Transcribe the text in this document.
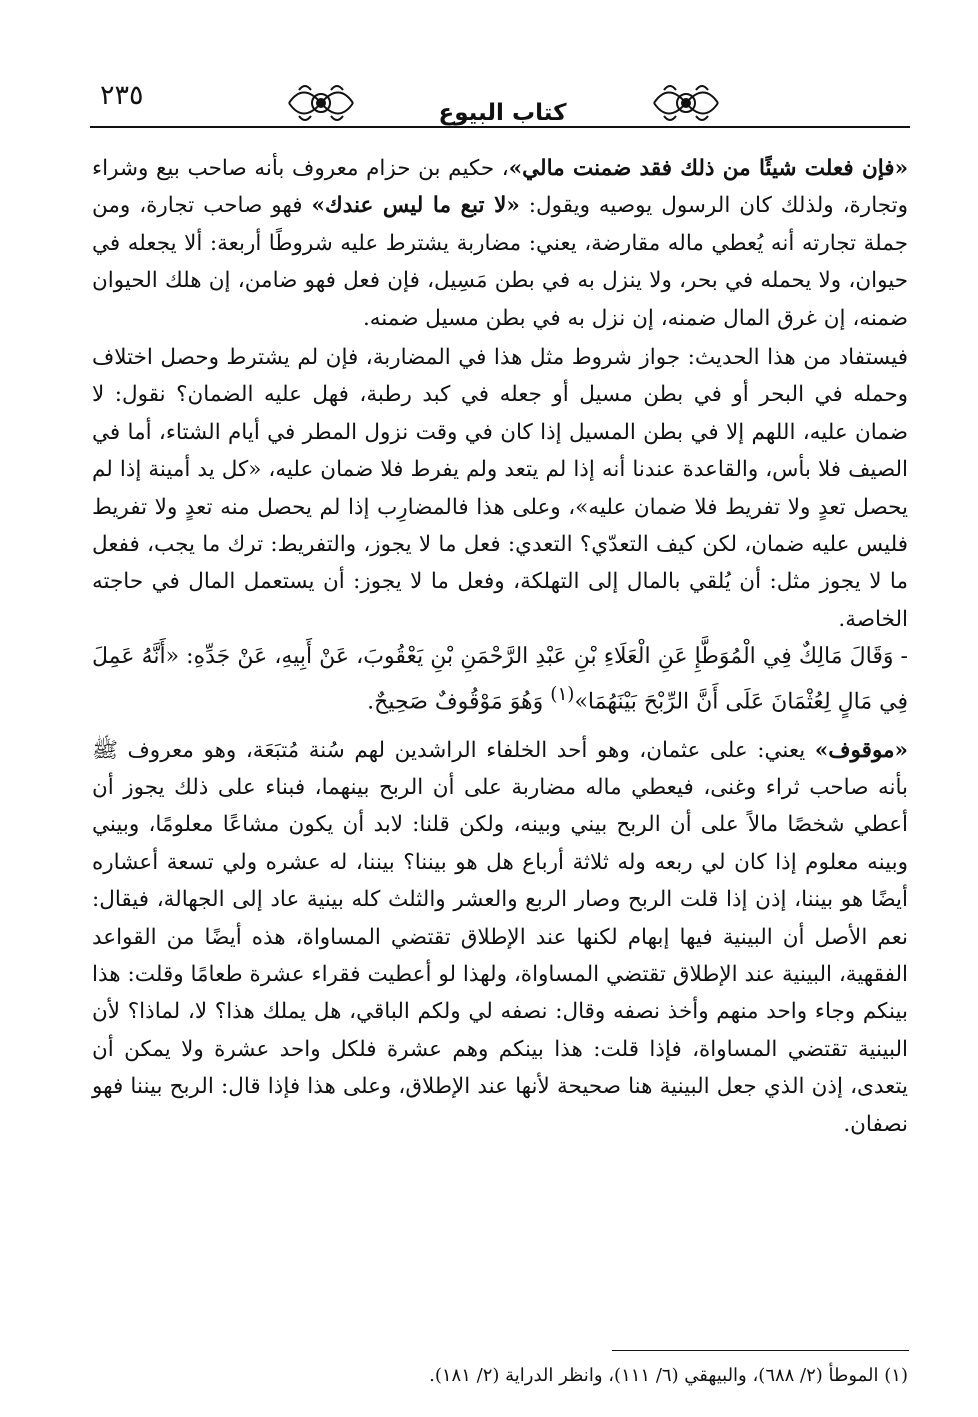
٢٣٥
كتاب البيوع

«فإن فعلت شيئًا من ذلك فقد ضمنت مالي»، حكيم بن حزام معروف بأنه صاحب بيع وشراء وتجارة، ولذلك كان الرسول يوصيه ويقول: «لا تبع ما ليس عندك» فهو صاحب تجارة، ومن جملة تجارته أنه يُعطي ماله مقارضة، يعني: مضاربة يشترط عليه شروطًا أربعة: ألا يجعله في حيوان، ولا يحمله في بحر، ولا ينزل به في بطن مَسِيل، فإن فعل فهو ضامن، إن هلك الحيوان ضمنه، إن غرق المال ضمنه، إن نزل به في بطن مسيل ضمنه.

فيستفاد من هذا الحديث: جواز شروط مثل هذا في المضاربة، فإن لم يشترط وحصل اختلاف وحمله في البحر أو في بطن مسيل أو جعله في كبد رطبة، فهل عليه الضمان؟ نقول: لا ضمان عليه، اللهم إلا في بطن المسيل إذا كان في وقت نزول المطر في أيام الشتاء، أما في الصيف فلا بأس، والقاعدة عندنا أنه إذا لم يتعد ولم يفرط فلا ضمان عليه، «كل يد أمينة إذا لم يحصل تعدٍ ولا تفريط فلا ضمان عليه»، وعلى هذا فالمضارِب إذا لم يحصل منه تعدٍ ولا تفريط فليس عليه ضمان، لكن كيف التعدّي؟ التعدي: فعل ما لا يجوز، والتفريط: ترك ما يجب، ففعل ما لا يجوز مثل: أن يُلقي بالمال إلى التهلكة، وفعل ما لا يجوز: أن يستعمل المال في حاجته الخاصة.

- وَقَالَ مَالِكٌ فِي الْمُوَطَّإِ عَنِ الْعَلَاءِ بْنِ عَبْدِ الرَّحْمَنِ بْنِ يَعْقُوبَ، عَنْ أَبِيهِ، عَنْ جَدِّهِ: «أَنَّهُ عَمِلَ فِي مَالٍ لِعُثْمَانَ عَلَى أَنَّ الرِّبْحَ بَيْنَهُمَا»$^{(١)}$ وَهُوَ مَوْقُوفٌ صَحِيحٌ.

«موقوف» يعني: على عثمان، وهو أحد الخلفاء الراشدين لهم سُنة مُتبَعَة، وهو معروف ﷺ بأنه صاحب ثراء وغنى، فيعطي ماله مضاربة على أن الربح بينهما، فبناء على ذلك يجوز أن أعطي شخصًا مالاً على أن الربح بيني وبينه، ولكن قلنا: لابد أن يكون مشاعًا معلومًا، وبيني وبينه معلوم إذا كان لي ربعه وله ثلاثة أرباع هل هو بيننا؟ بيننا، له عشره ولي تسعة أعشاره أيضًا هو بيننا، إذن إذا قلت الربح وصار الربع والعشر والثلث كله بينية عاد إلى الجهالة، فيقال: نعم الأصل أن البينية فيها إبهام لكنها عند الإطلاق تقتضي المساواة، هذه أيضًا من القواعد الفقهية، البينية عند الإطلاق تقتضي المساواة، ولهذا لو أعطيت فقراء عشرة طعامًا وقلت: هذا بينكم وجاء واحد منهم وأخذ نصفه وقال: نصفه لي ولكم الباقي، هل يملك هذا؟ لا، لماذا؟ لأن البينية تقتضي المساواة، فإذا قلت: هذا بينكم وهم عشرة فلكل واحد عشرة ولا يمكن أن يتعدى، إذن الذي جعل البينية هنا صحيحة لأنها عند الإطلاق، وعلى هذا فإذا قال: الربح بيننا فهو نصفان.

(١) الموطأ (٢/ ٦٨٨)، والبيهقي (٦/ ١١١)، وانظر الدراية (٢/ ١٨١).
